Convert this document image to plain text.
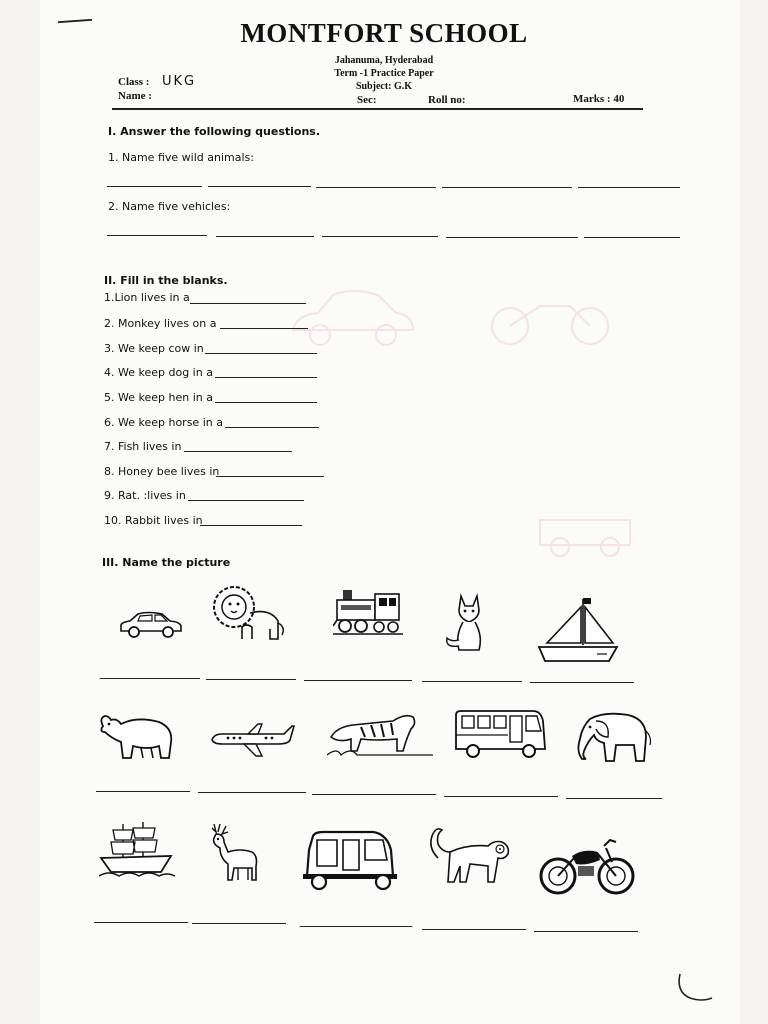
MONTFORT SCHOOL
Jahanuma, Hyderabad
Term -1 Practice Paper
Subject: G.K
Class : UKG
Name :	Sec:	Roll no:	Marks : 40
I. Answer the following questions.
1. Name five wild animals:
2. Name five vehicles:
II. Fill in the blanks.
1.Lion lives in a
2. Monkey lives on a
3. We keep cow in
4. We keep dog in a
5. We keep hen in a
6. We keep horse in a
7. Fish lives in
8. Honey bee lives in
9. Rat. :lives in
10. Rabbit lives in
III. Name the picture
